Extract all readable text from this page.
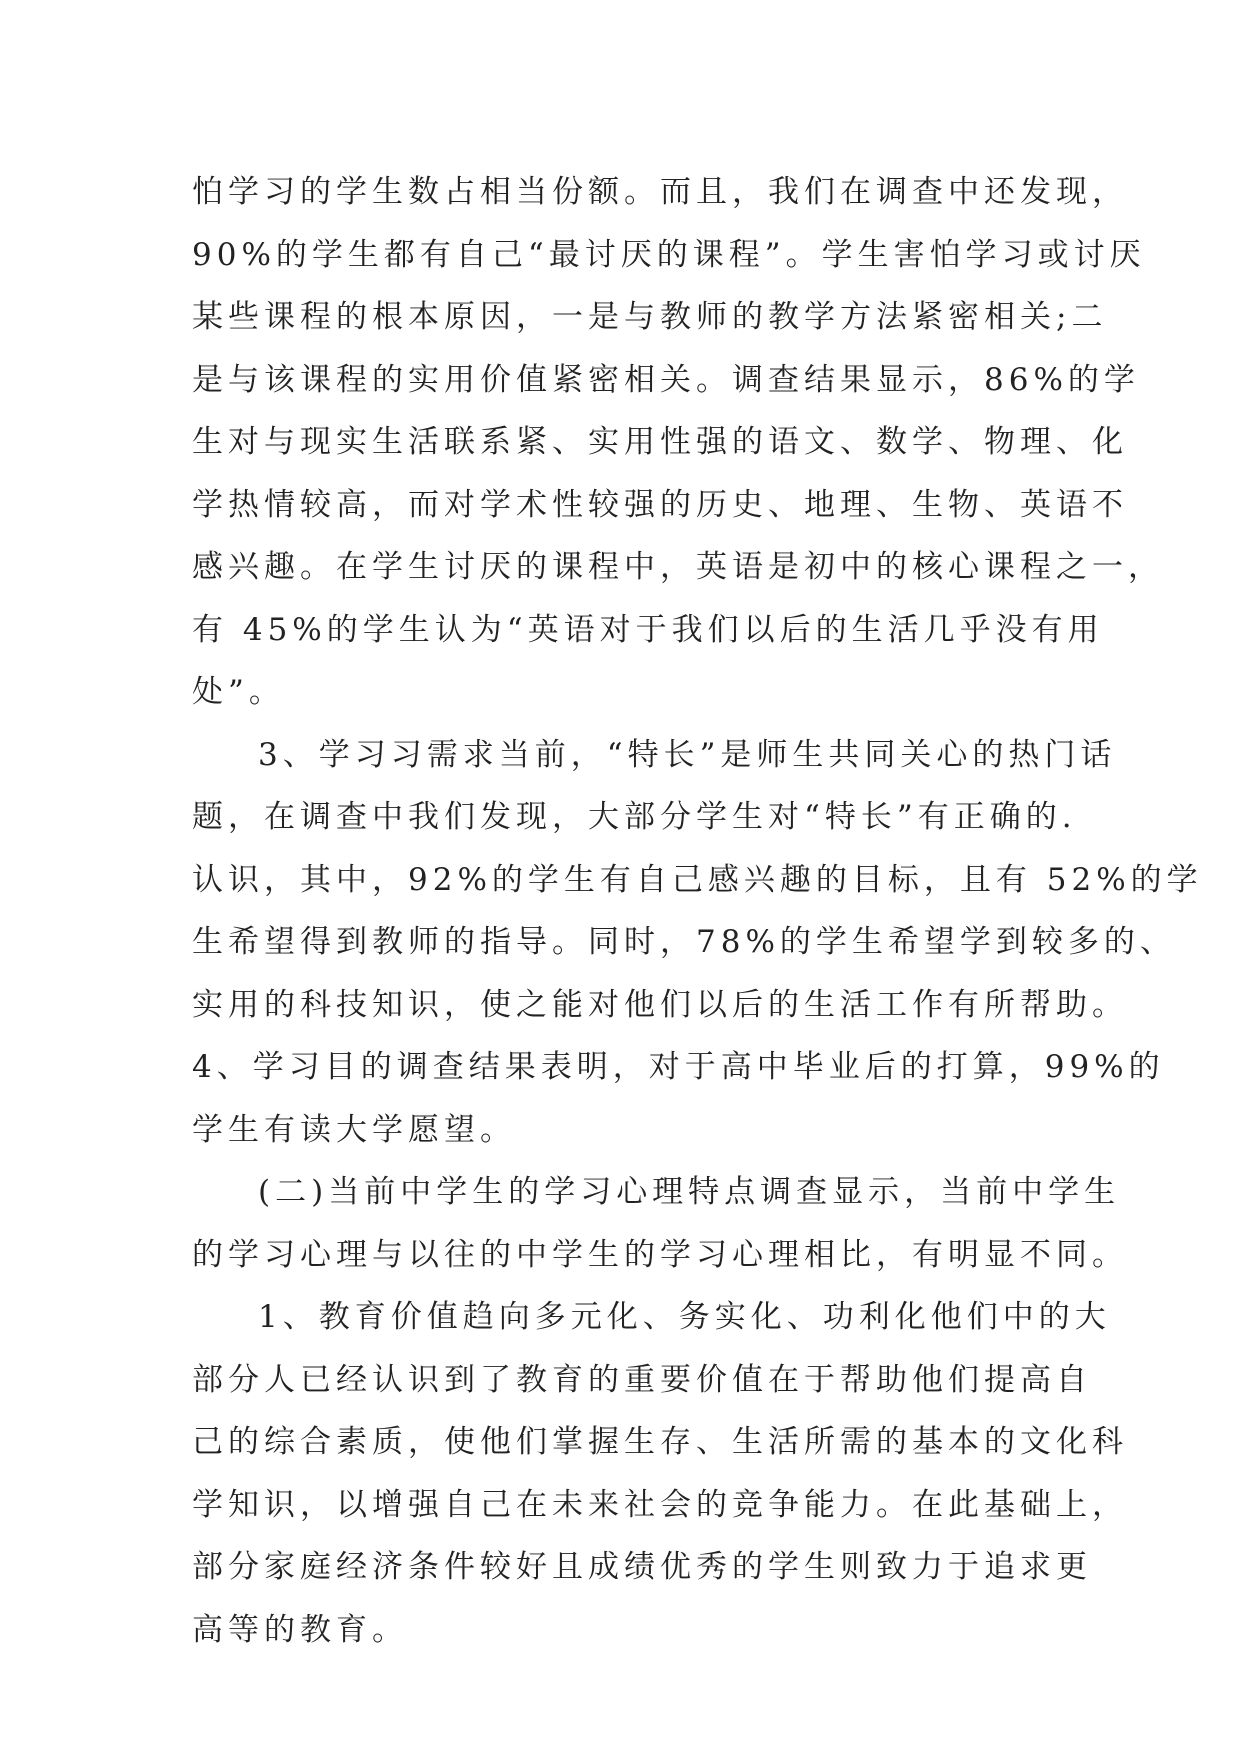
怕学习的学生数占相当份额。而且，我们在调查中还发现，
90%的学生都有自己“最讨厌的课程”。学生害怕学习或讨厌
某些课程的根本原因，一是与教师的教学方法紧密相关;二
是与该课程的实用价值紧密相关。调查结果显示，86%的学
生对与现实生活联系紧、实用性强的语文、数学、物理、化
学热情较高，而对学术性较强的历史、地理、生物、英语不
感兴趣。在学生讨厌的课程中，英语是初中的核心课程之一，
有 45%的学生认为“英语对于我们以后的生活几乎没有用
处”。
3、学习习需求当前，“特长”是师生共同关心的热门话
题，在调查中我们发现，大部分学生对“特长”有正确的.
认识，其中，92%的学生有自己感兴趣的目标，且有 52%的学
生希望得到教师的指导。同时，78%的学生希望学到较多的、
实用的科技知识，使之能对他们以后的生活工作有所帮助。
4、学习目的调查结果表明，对于高中毕业后的打算，99%的
学生有读大学愿望。
(二)当前中学生的学习心理特点调查显示，当前中学生
的学习心理与以往的中学生的学习心理相比，有明显不同。
1、教育价值趋向多元化、务实化、功利化他们中的大
部分人已经认识到了教育的重要价值在于帮助他们提高自
己的综合素质，使他们掌握生存、生活所需的基本的文化科
学知识，以增强自己在未来社会的竞争能力。在此基础上，
部分家庭经济条件较好且成绩优秀的学生则致力于追求更
高等的教育。
